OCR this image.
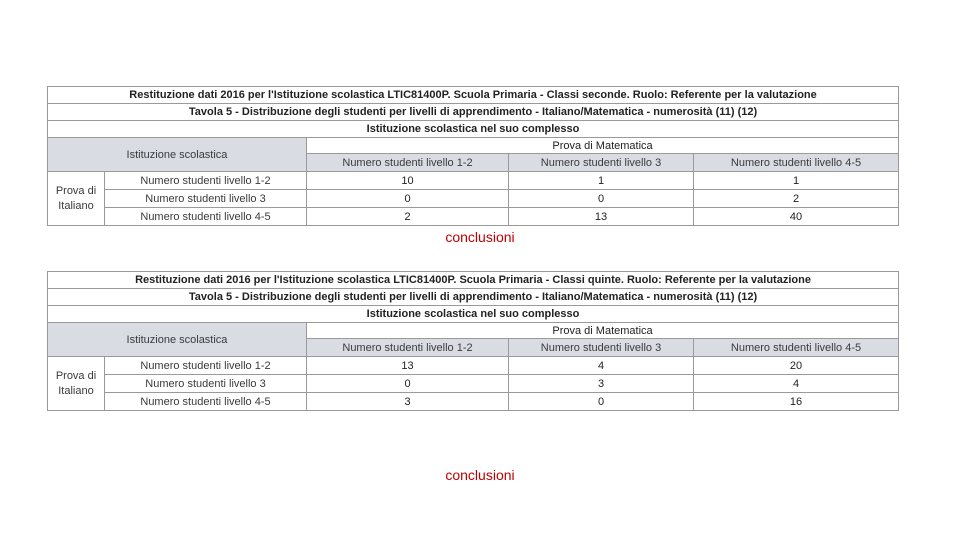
Restituzione dati 2016 per l'Istituzione scolastica LTIC81400P. Scuola Primaria - Classi seconde. Ruolo: Referente per la valutazione				
Tavola 5 - Distribuzione degli studenti per livelli di apprendimento - Italiano/Matematica - numerosità (11) (12)				
Istituzione scolastica nel suo complesso				
Istituzione scolastica		Prova di Matematica		
		Numero studenti livello 1-2	Numero studenti livello 3	Numero studenti livello 4-5
Prova di Italiano	Numero studenti livello 1-2	10	1	1
	Numero studenti livello 3	0	0	2
	Numero studenti livello 4-5	2	13	40
conclusioni
Restituzione dati 2016 per l'Istituzione scolastica LTIC81400P. Scuola Primaria - Classi quinte. Ruolo: Referente per la valutazione				
Tavola 5 - Distribuzione degli studenti per livelli di apprendimento - Italiano/Matematica - numerosità (11) (12)				
Istituzione scolastica nel suo complesso				
Istituzione scolastica		Prova di Matematica		
		Numero studenti livello 1-2	Numero studenti livello 3	Numero studenti livello 4-5
Prova di Italiano	Numero studenti livello 1-2	13	4	20
	Numero studenti livello 3	0	3	4
	Numero studenti livello 4-5	3	0	16
conclusioni
